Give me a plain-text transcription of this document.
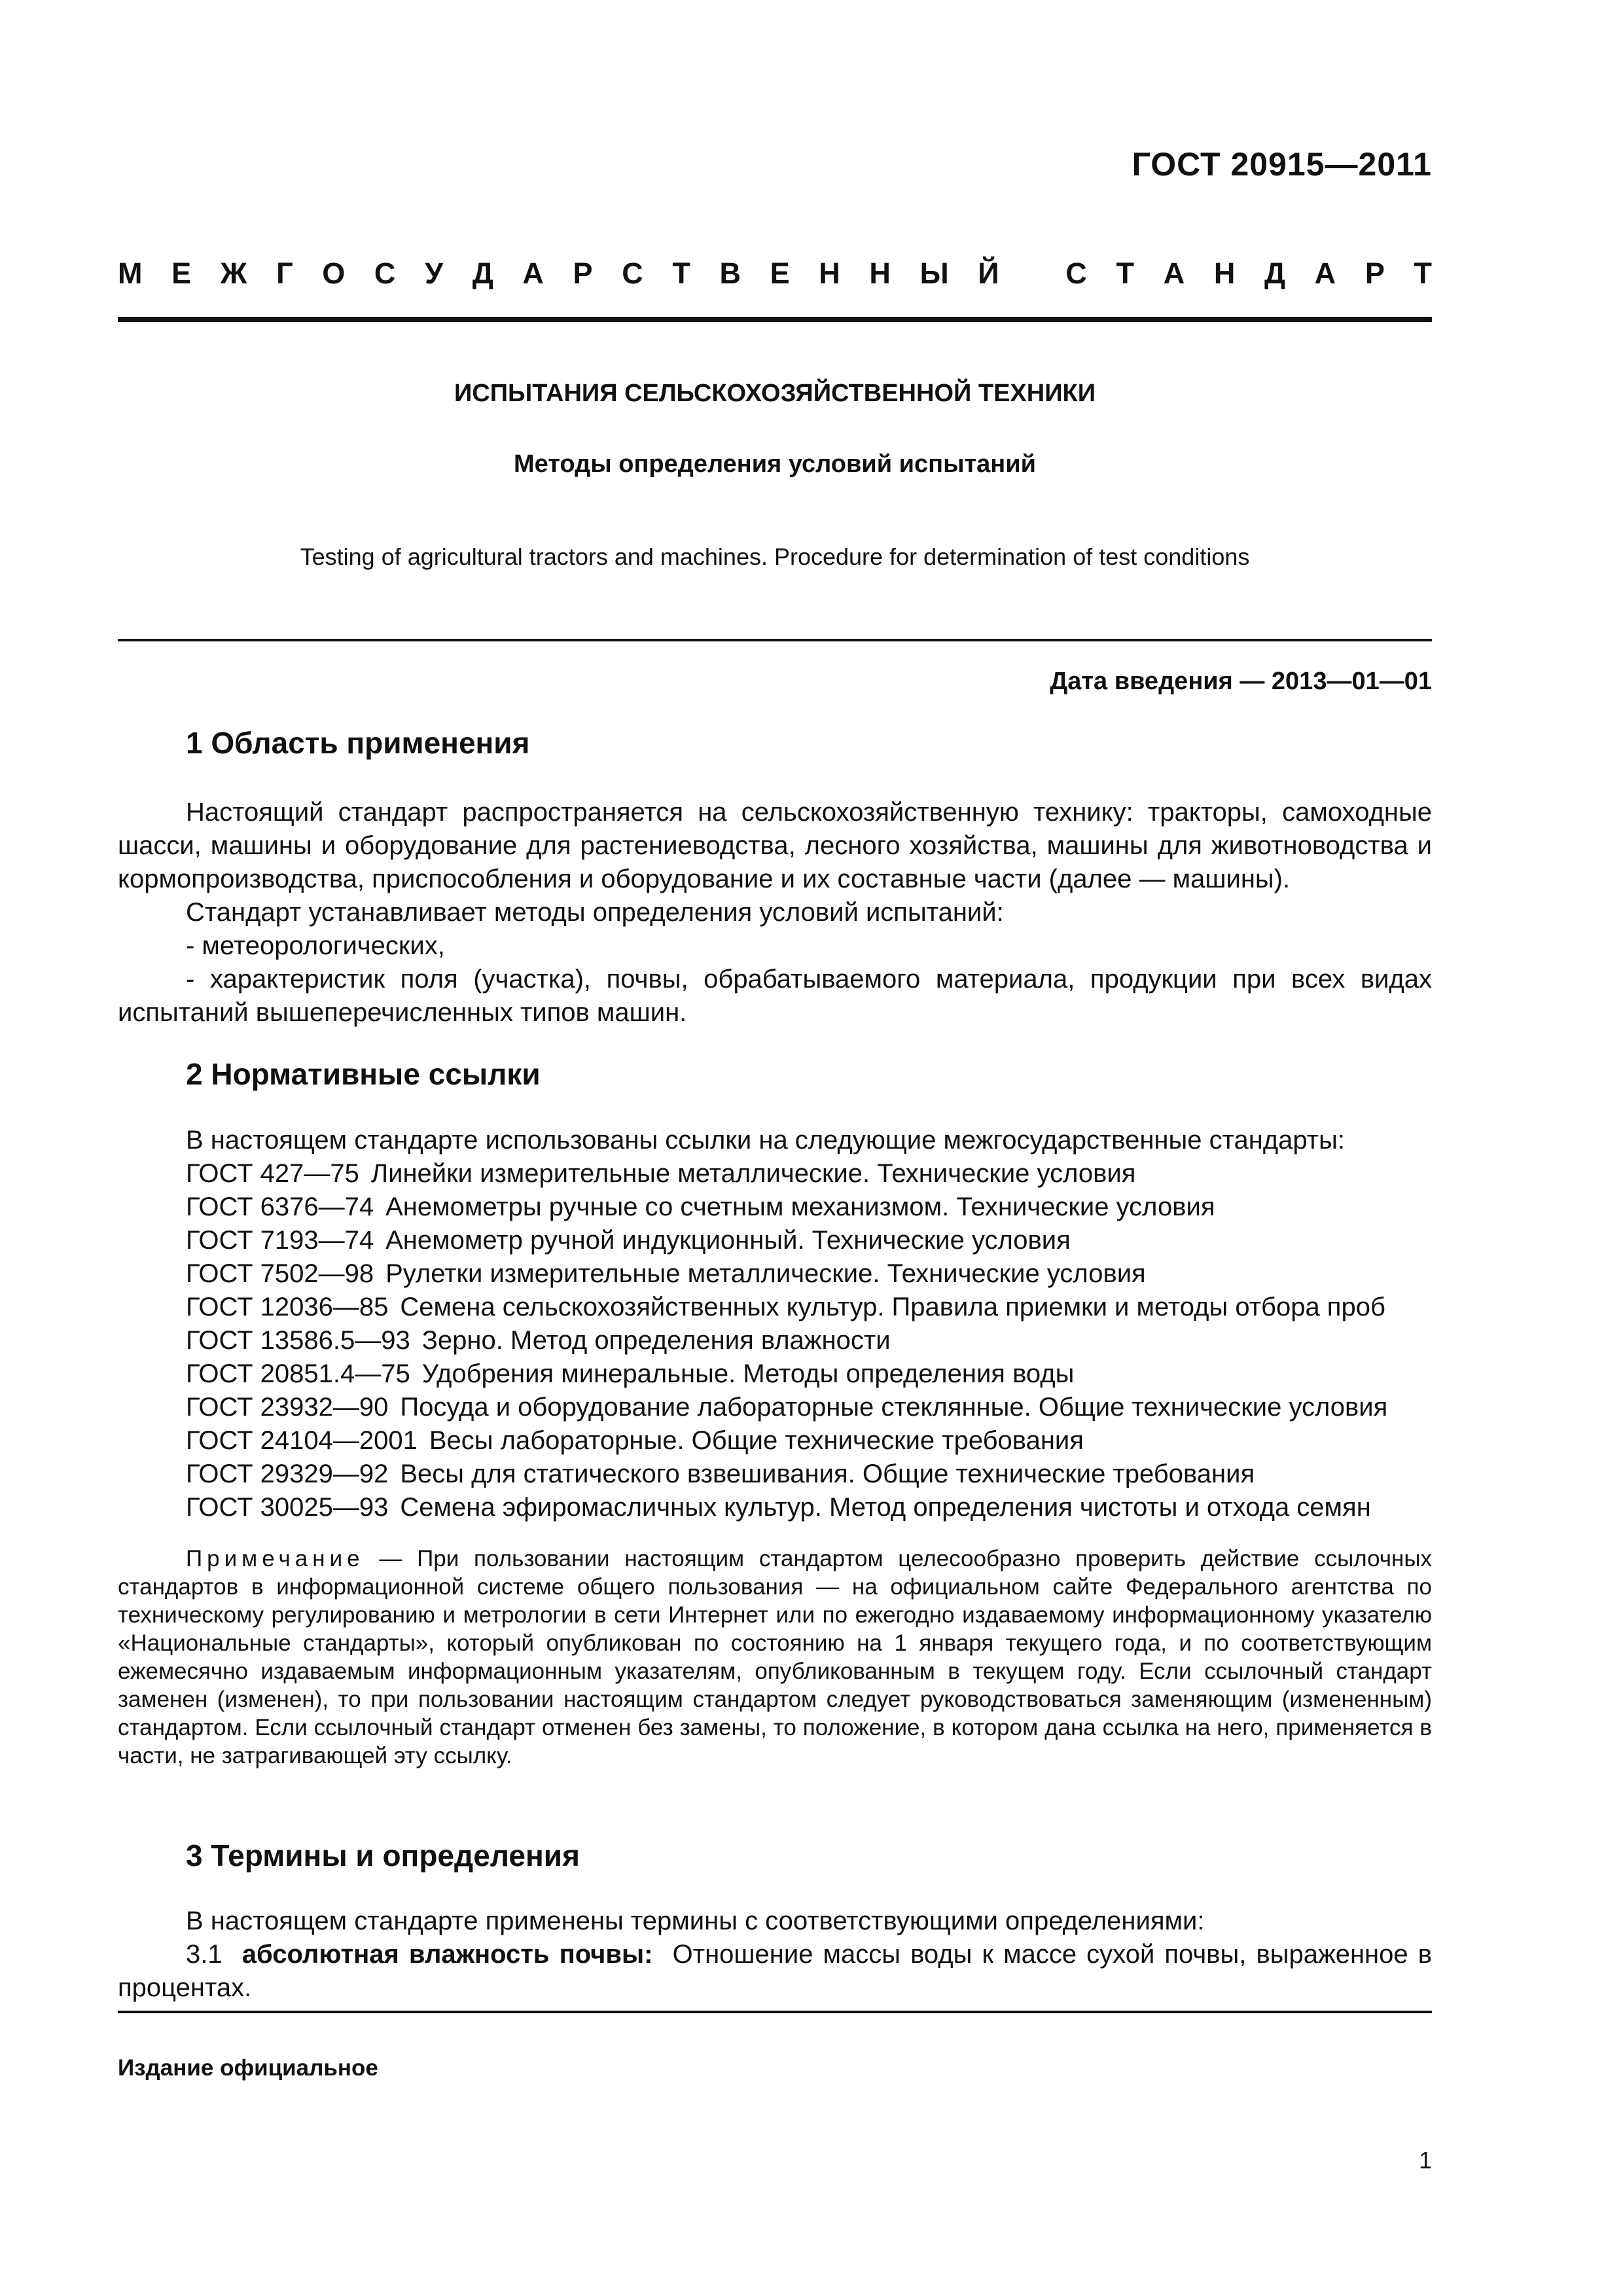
ГОСТ 20915—2011
М Е Ж Г О С У Д А Р С Т В Е Н Н Ы Й
С Т А Н Д А Р Т
ИСПЫТАНИЯ СЕЛЬСКОХОЗЯЙСТВЕННОЙ ТЕХНИКИ
Методы определения условий испытаний
Testing of agricultural tractors and machines. Procedure for determination of test conditions
Дата введения — 2013—01—01
1 Область применения

Настоящий стандарт распространяется на сельскохозяйственную технику: тракторы, самоходные шасси, машины и оборудование для растениеводства, лесного хозяйства, машины для животноводства и кормопроизводства, приспособления и оборудование и их составные части (далее — машины).

Стандарт устанавливает методы определения условий испытаний:
- метеорологических,

- характеристик поля (участка), почвы, обрабатываемого материала, продукции при всех видах испытаний вышеперечисленных типов машин.

2 Нормативные ссылки
В настоящем стандарте использованы ссылки на следующие межгосударственные стандарты:
ГОСТ 427—75 Линейки измерительные металлические. Технические условия
ГОСТ 6376—74 Анемометры ручные со счетным механизмом. Технические условия
ГОСТ 7193—74 Анемометр ручной индукционный. Технические условия
ГОСТ 7502—98 Рулетки измерительные металлические. Технические условия
ГОСТ 12036—85 Семена сельскохозяйственных культур. Правила приемки и методы отбора проб
ГОСТ 13586.5—93 Зерно. Метод определения влажности
ГОСТ 20851.4—75 Удобрения минеральные. Методы определения воды
ГОСТ 23932—90 Посуда и оборудование лабораторные стеклянные. Общие технические условия
ГОСТ 24104—2001 Весы лабораторные. Общие технические требования
ГОСТ 29329—92 Весы для статического взвешивания. Общие технические требования
ГОСТ 30025—93 Семена эфиромасличных культур. Метод определения чистоты и отхода семян

Примечание — При пользовании настоящим стандартом целесообразно проверить действие ссылочных стандартов в информационной системе общего пользования — на официальном сайте Федерального агентства по техническому регулированию и метрологии в сети Интернет или по ежегодно издаваемому информационному указателю «Национальные стандарты», который опубликован по состоянию на 1 января текущего года, и по соответствующим ежемесячно издаваемым информационным указателям, опубликованным в текущем году. Если ссылочный стандарт заменен (изменен), то при пользовании настоящим стандартом следует руководствоваться заменяющим (измененным) стандартом. Если ссылочный стандарт отменен без замены, то положение, в котором дана ссылка на него, применяется в части, не затрагивающей эту ссылку.

3 Термины и определения
В настоящем стандарте применены термины с соответствующими определениями:

3.1 абсолютная влажность почвы: Отношение массы воды к массе сухой почвы, выраженное в процентах.

Издание официальное
1
